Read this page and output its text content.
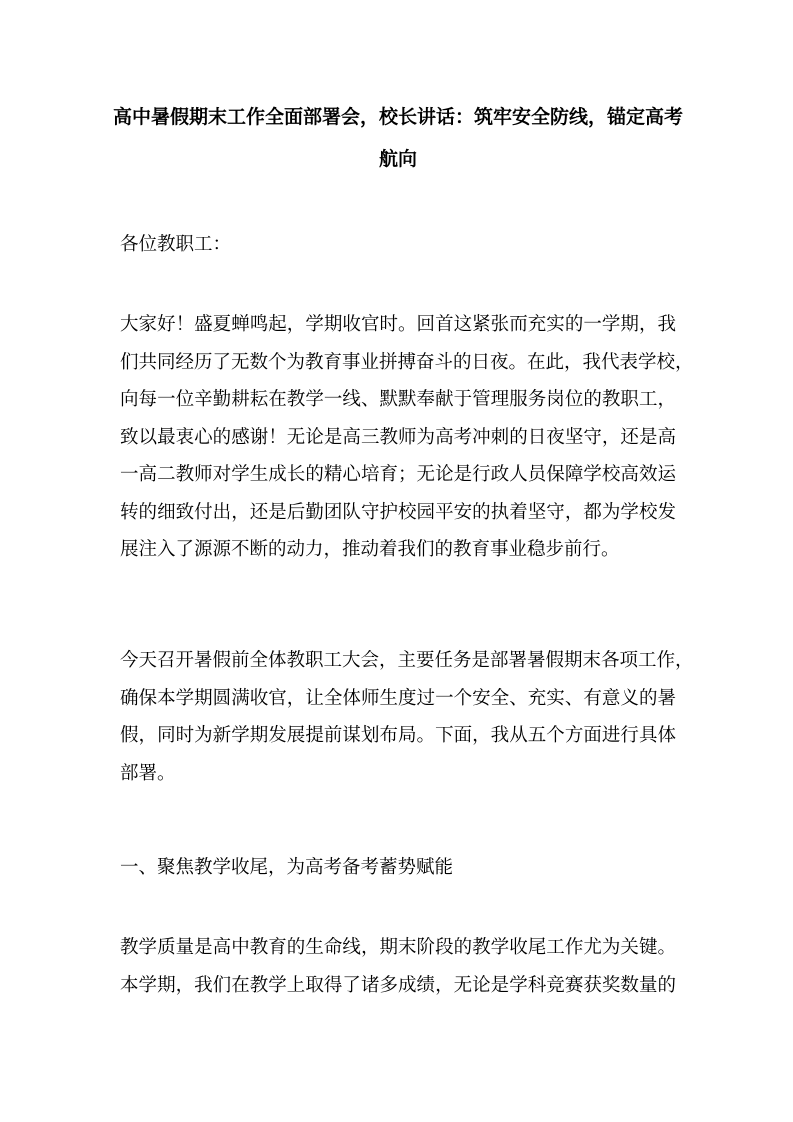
高中暑假期末工作全面部署会，校长讲话：筑牢安全防线，锚定高考
航向

各位教职工：

大家好！盛夏蝉鸣起，学期收官时。回首这紧张而充实的一学期，我
们共同经历了无数个为教育事业拼搏奋斗的日夜。在此，我代表学校，
向每一位辛勤耕耘在教学一线、默默奉献于管理服务岗位的教职工，
致以最衷心的感谢！无论是高三教师为高考冲刺的日夜坚守，还是高
一高二教师对学生成长的精心培育；无论是行政人员保障学校高效运
转的细致付出，还是后勤团队守护校园平安的执着坚守，都为学校发
展注入了源源不断的动力，推动着我们的教育事业稳步前行。

今天召开暑假前全体教职工大会，主要任务是部署暑假期末各项工作，
确保本学期圆满收官，让全体师生度过一个安全、充实、有意义的暑
假，同时为新学期发展提前谋划布局。下面，我从五个方面进行具体
部署。

一、聚焦教学收尾，为高考备考蓄势赋能

教学质量是高中教育的生命线，期末阶段的教学收尾工作尤为关键。
本学期，我们在教学上取得了诸多成绩，无论是学科竞赛获奖数量的
